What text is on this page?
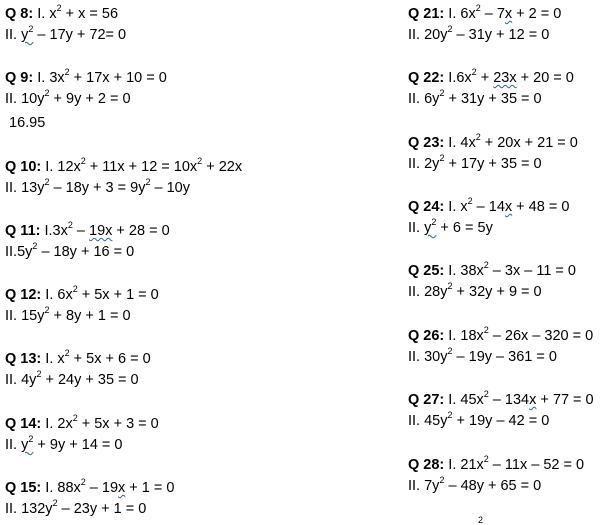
Q 8: I. $x^2 + x = 56$
II. $y^2 - 17y + 72= 0$
Q 9: I. $3x^2 + 17x + 10 = 0$
II. $10y^2 + 9y + 2 = 0$
16.95
Q 10: I. $12x^2 + 11x + 12 = 10x^2 + 22x$
II. $13y^2 - 18y + 3 = 9y^2 - 10y$
Q 11: $I.3x^2 - 19x + 28 = 0$
$II.5y^2 - 18y + 16 = 0$
Q 12: I. $6x^2 + 5x + 1 = 0$
II. $15y^2 + 8y + 1 = 0$
Q 13: I. $x^2 + 5x + 6 = 0$
II. $4y^2 + 24y + 35 = 0$
Q 14: I. $2x^2 + 5x + 3 = 0$
II. $y^2 + 9y + 14 = 0$
Q 15: I. $88x^2 - 19x + 1 = 0$
II. $132y^2 - 23y + 1 = 0$
Q 21: I. $6x^2 - 7x + 2 = 0$
II. $20y^2 - 31y + 12 = 0$
Q 22: $I.6x^2 + 23x + 20 = 0$
II. $6y^2 + 31y + 35 = 0$
Q 23: I. $4x^2 + 20x + 21 = 0$
II. $2y^2 + 17y + 35 = 0$
Q 24: I. $x^2 - 14x + 48 = 0$
II. $y^2 + 6 = 5y$
Q 25: I. $38x^2 - 3x - 11 = 0$
II. $28y^2 + 32y + 9 = 0$
Q 26: I. $18x^2 - 26x - 320 = 0$
II. $30y^2 - 19y - 361 = 0$
Q 27: I. $45x^2 - 134x + 77 = 0$
II. $45y^2 + 19y - 42 = 0$
Q 28: I. $21x^2 - 11x - 52 = 0$
II. $7y^2 - 48y + 65 = 0$
2
